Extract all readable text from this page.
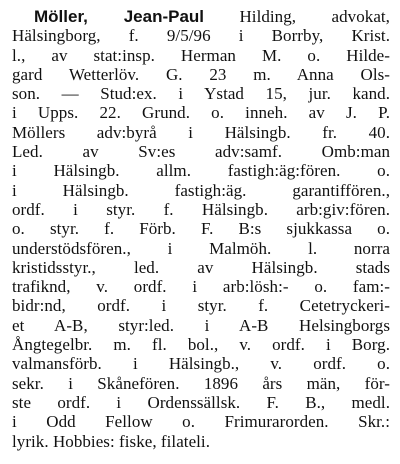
Möller, Jean-Paul Hilding, advokat,
Hälsingborg, f. 9/5/96 i Borrby, Krist.
l., av stat:insp. Herman M. o. Hilde-
gard Wetterlöv. G. 23 m. Anna Ols-
son. — Stud:ex. i Ystad 15, jur. kand.
i Upps. 22. Grund. o. inneh. av J. P.
Möllers adv:byrå i Hälsingb. fr. 40.
Led. av Sv:es adv:samf. Omb:man
i Hälsingb. allm. fastigh:äg:fören. o.
i Hälsingb. fastigh:äg. garantiffören.,
ordf. i styr. f. Hälsingb. arb:giv:fören.
o. styr. f. Förb. F. B:s sjukkassa o.
understödsfören., i Malmöh. l. norra
kristidsstyr., led. av Hälsingb. stads
trafiknd, v. ordf. i arb:lösh:- o. fam:-
bidr:nd, ordf. i styr. f. Cetetryckeri-
et A-B, styr:led. i A-B Helsingborgs
Ångtegelbr. m. fl. bol., v. ordf. i Borg.
valmansförb. i Hälsingb., v. ordf. o.
sekr. i Skånefören. 1896 års män, för-
ste ordf. i Ordenssällsk. F. B., medl.
i Odd Fellow o. Frimurarorden. Skr.:
lyrik. Hobbies: fiske, filateli.
